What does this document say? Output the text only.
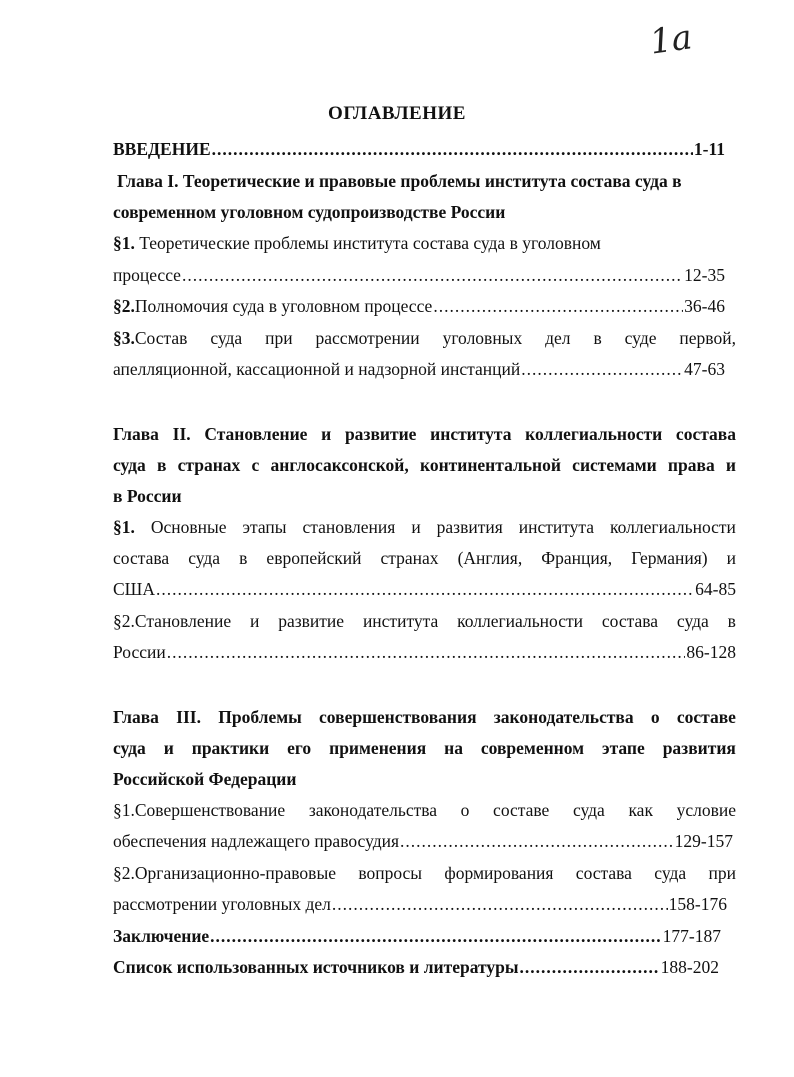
1a
ОГЛАВЛЕНИЕ
ВВЕДЕНИЕ .....	1-11
Глава I. Теоретические и правовые проблемы института состава суда в
современном уголовном судопроизводстве России
§1. Теоретические проблемы института состава суда в уголовном
процессе .....	12-35
§2.Полномочия суда в уголовном процессе .....	36-46
§3.Состав суда при рассмотрении уголовных дел в суде первой,
апелляционной, кассационной и надзорной инстанций .....	47-63
Глава II. Становление и развитие института коллегиальности состава
суда в странах с англосаксонской, континентальной системами права и
в России
§1. Основные этапы становления и развития института коллегиальности
состава суда в европейский странах (Англия, Франция, Германия) и
США .....	64-85
§2.Становление и развитие института коллегиальности состава суда в
России .....	86-128
Глава III. Проблемы совершенствования законодательства о составе
суда и практики его применения на современном этапе развития
Российской Федерации
§1.Совершенствование законодательства о составе суда как условие
обеспечения надлежащего правосудия .....	129-157
§2.Организационно-правовые вопросы формирования состава суда при
рассмотрении уголовных дел .....	158-176
Заключение .....	177-187
Список использованных источников и литературы .....	188-202
